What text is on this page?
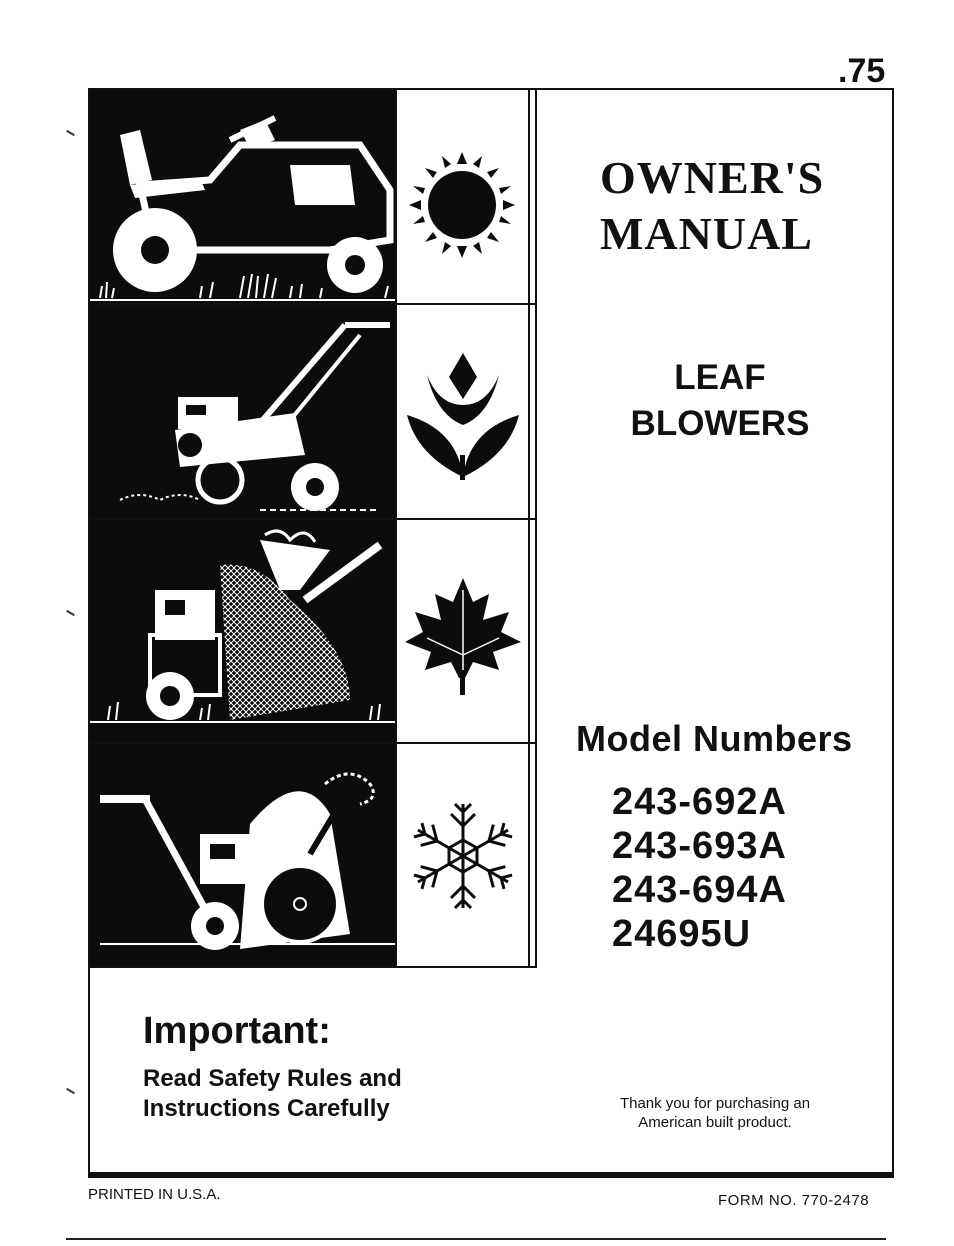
.75
OWNER'S
MANUAL
LEAF
BLOWERS
Model Numbers
243-692A
243-693A
243-694A
24695U
Important:
Read Safety Rules and
Instructions Carefully	Thank you for purchasing an
American built product.
PRINTED IN U.S.A.	FORM NO. 770-2478
